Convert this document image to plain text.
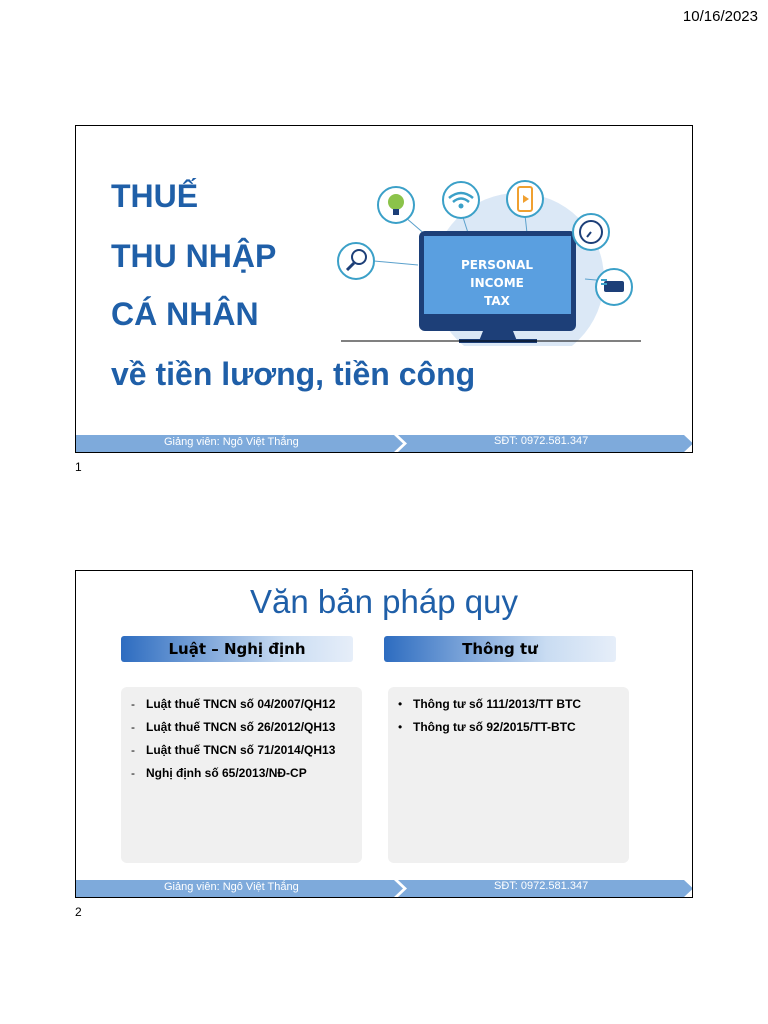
10/16/2023
THUẾ
THU NHẬP
CÁ NHÂN
về tiền lương, tiền công
PERSONAL
INCOME
TAX
Giảng viên: Ngô Việt Thắng	SĐT: 0972.581.347
1
Văn bản pháp quy
Luật – Nghị định	Thông tư
- Luật thuế TNCN số 04/2007/QH12
- Luật thuế TNCN số 26/2012/QH13
- Luật thuế TNCN số 71/2014/QH13
- Nghị định số 65/2013/NĐ-CP
• Thông tư số 111/2013/TT BTC
• Thông tư số 92/2015/TT-BTC
Giảng viên: Ngô Việt Thắng	SĐT: 0972.581.347
2
